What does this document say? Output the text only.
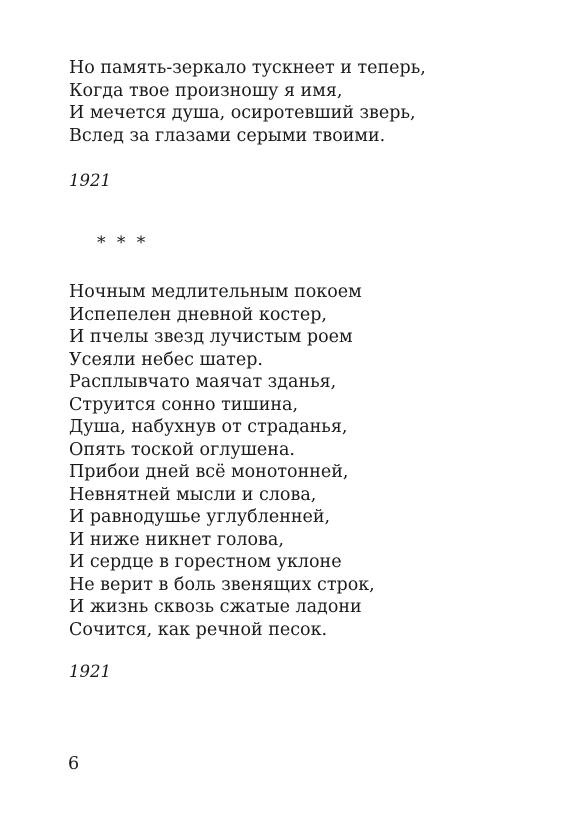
Но память-зеркало тускнеет и теперь,
Когда твое произношу я имя,
И мечется душа, осиротевший зверь,
Вслед за глазами серыми твоими.
1921
* * *
Ночным медлительным покоем
Испепелен дневной костер,
И пчелы звезд лучистым роем
Усеяли небес шатер.
Расплывчато маячат зданья,
Струится сонно тишина,
Душа, набухнув от страданья,
Опять тоской оглушена.
Прибои дней всё монотонней,
Невнятней мысли и слова,
И равнодушье углубленней,
И ниже никнет голова,
И сердце в горестном уклоне
Не верит в боль звенящих строк,
И жизнь сквозь сжатые ладони
Сочится, как речной песок.
1921
6
